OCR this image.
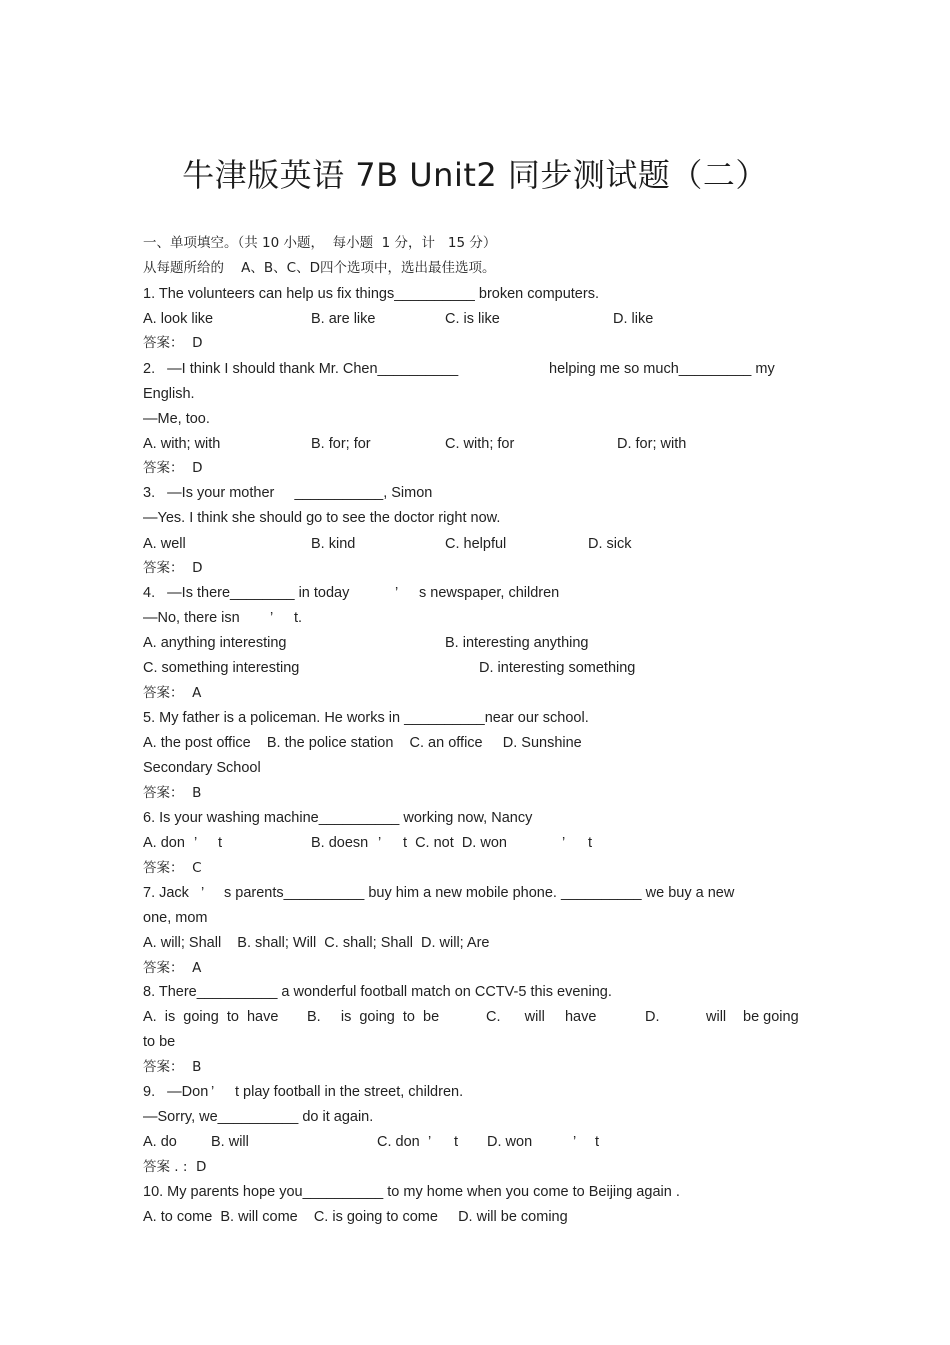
牛津版英语 7B Unit2 同步测试题（二）
一、单项填空。（共 10 小题，  每小题  1 分，计   15 分）
从每题所给的    A、B、C、D四个选项中，选出最佳选项。
1. The volunteers can help us fix things__________ broken computers.

A. look like

	B. are like

	C. is like

	D. like

答案：  D

2.   —I think I should thank Mr. Chen__________

	helping me so much_________ my

English.
—Me, too.

A. with; with

	B. for; for

	C. with; for

	D. for; with

答案：  D
3.   —Is your mother     ___________, Simon
—Yes. I think she should go to see the doctor right now.

A. well

	B. kind

	C. helpful

	D. sick

答案：  D

4.   —Is there________ in today

	’

s newspaper, children

—No, there isn

’

t.

A. anything interesting

	B. interesting anything

C. something interesting

	D. interesting something

答案：  A
5. My father is a policeman. He works in __________near our school.
A. the post office    B. the police station    C. an office     D. Sunshine
Secondary School
答案：  B
6. Is your washing machine__________ working now, Nancy

A. don

’

t

	B. doesn

’

t  C. not  D. won

	’

t

答案：  C

7. Jack

’

s parents__________ buy him a new mobile phone. __________ we buy a new

one, mom
A. will; Shall    B. shall; Will  C. shall; Shall  D. will; Are
答案：  A
8. There__________ a wonderful football match on CCTV-5 this evening.

A.  is  going  to  have

B.     is  going  to  be

	C.      will     have

	D.

	will

be going

to be
答案：  B

9.   —Don

’

t play football in the street, children.

—Sorry, we__________ do it again.

A. do

B. will

	C. don

’

t

D. won

	’

t

答案 . :  D
10. My parents hope you__________ to my home when you come to Beijing again .
A. to come  B. will come    C. is going to come     D. will be coming
